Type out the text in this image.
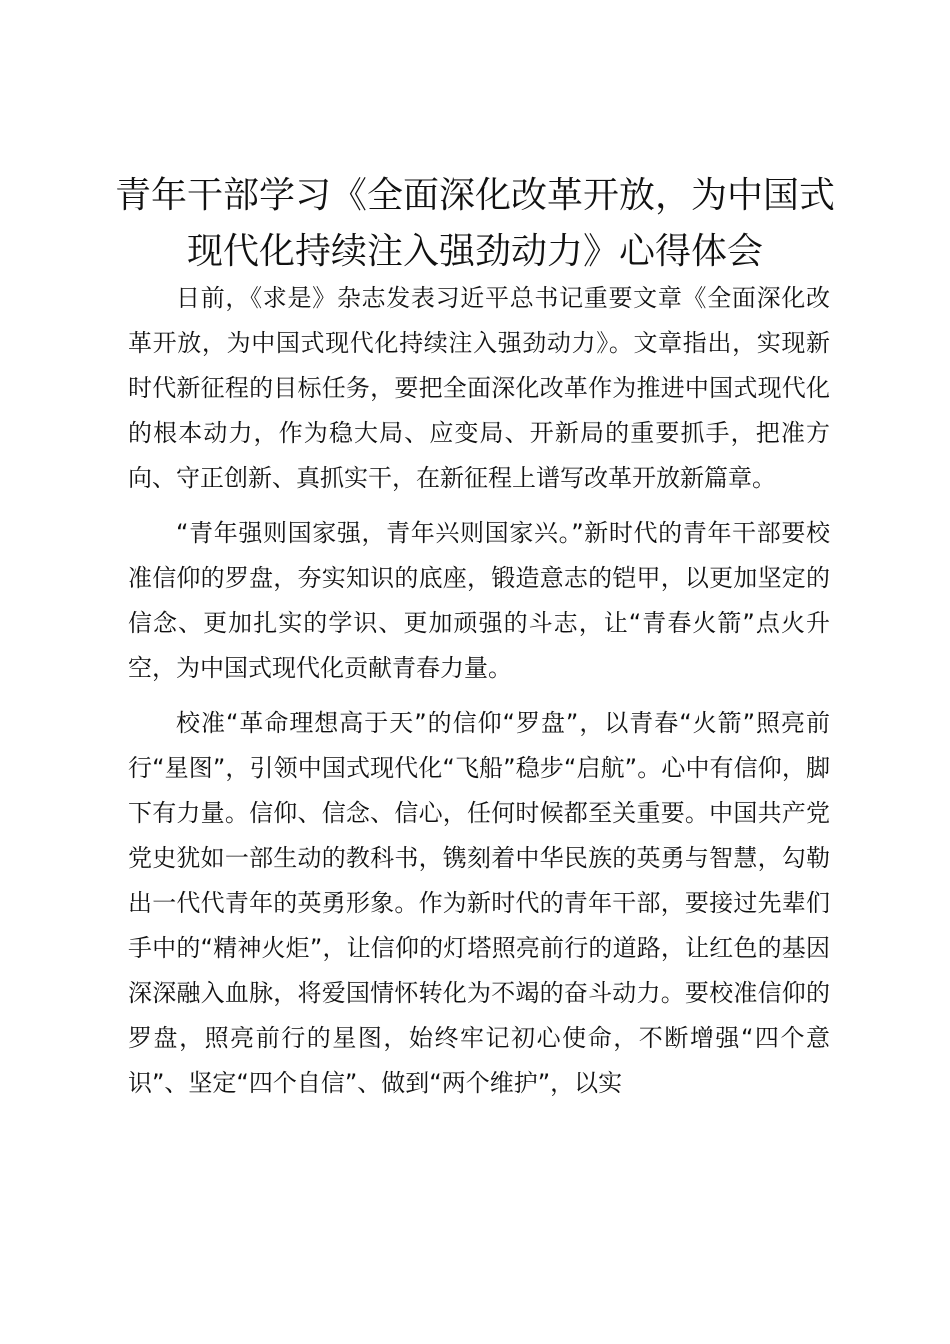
青年干部学习《全面深化改革开放，为中国式
现代化持续注入强劲动力》心得体会

日前，《求是》杂志发表习近平总书记重要文章《全面深化改革开放，为中国式现代化持续注入强劲动力》。文章指出，实现新时代新征程的目标任务，要把全面深化改革作为推进中国式现代化的根本动力，作为稳大局、应变局、开新局的重要抓手，把准方向、守正创新、真抓实干，在新征程上谱写改革开放新篇章。

“青年强则国家强，青年兴则国家兴。”新时代的青年干部要校准信仰的罗盘，夯实知识的底座，锻造意志的铠甲，以更加坚定的信念、更加扎实的学识、更加顽强的斗志，让“青春火箭”点火升空，为中国式现代化贡献青春力量。

校准“革命理想高于天”的信仰“罗盘”，以青春“火箭”照亮前行“星图”，引领中国式现代化“飞船”稳步“启航”。心中有信仰，脚下有力量。信仰、信念、信心，任何时候都至关重要。中国共产党党史犹如一部生动的教科书，镌刻着中华民族的英勇与智慧，勾勒出一代代青年的英勇形象。作为新时代的青年干部，要接过先辈们手中的“精神火炬”，让信仰的灯塔照亮前行的道路，让红色的基因深深融入血脉，将爱国情怀转化为不竭的奋斗动力。要校准信仰的罗盘，照亮前行的星图，始终牢记初心使命，不断增强“四个意识”、坚定“四个自信”、做到“两个维护”，以实
